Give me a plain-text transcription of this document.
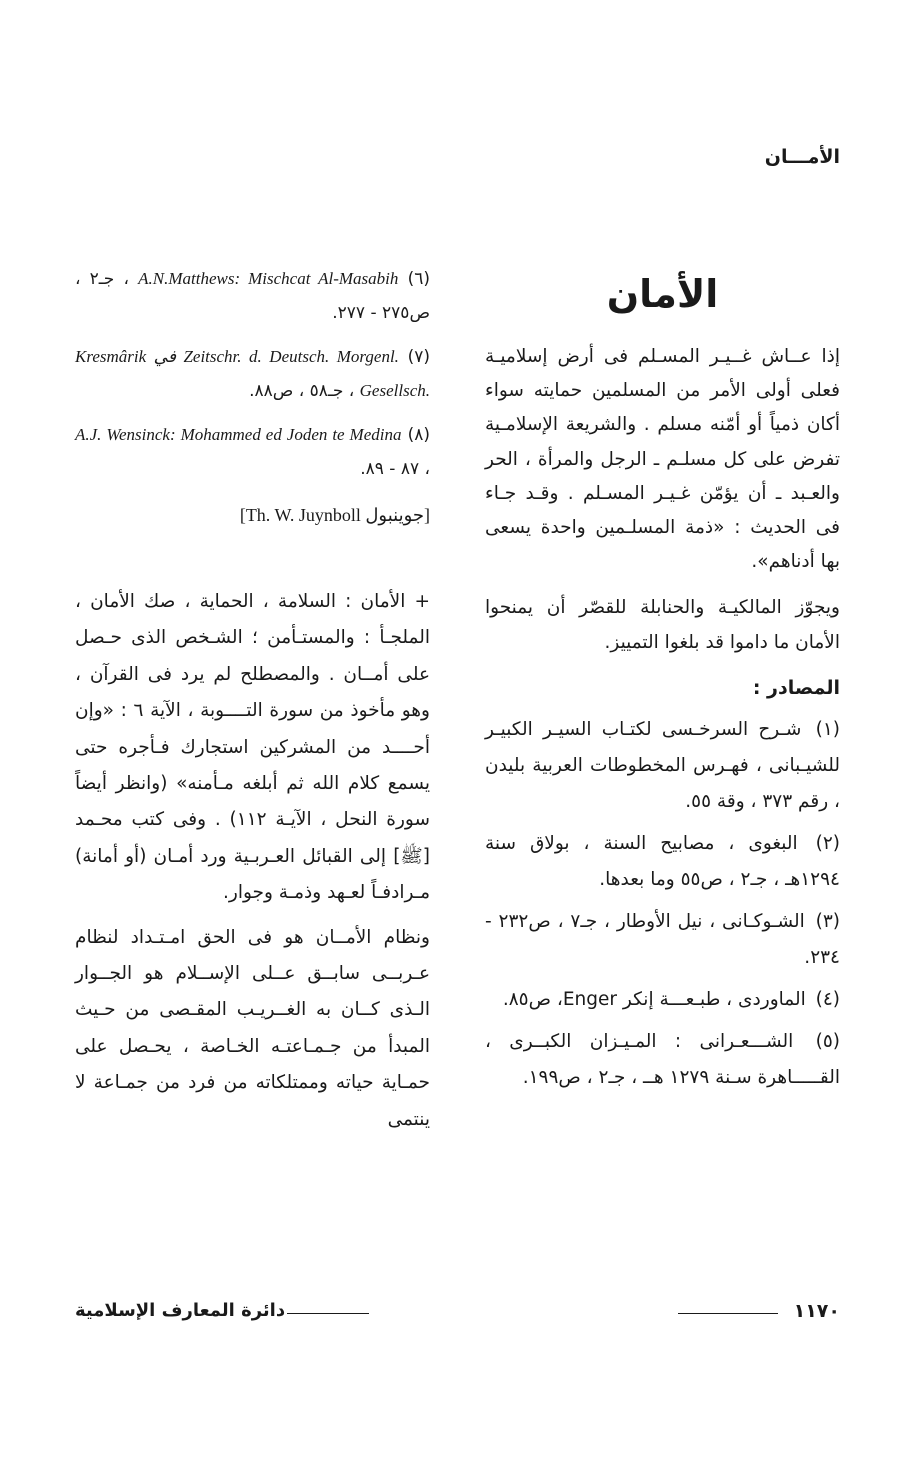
الأمـــان
الأمان

إذا عــاش غــيـر المسـلم فى أرض إسلاميـة فعلى أولى الأمر من المسلمين حمايته سواء أكان ذمياً أو أمّنه مسلم . والشريعة الإسلامـية تفرض على كل مسلـم ـ الرجل والمرأة ، الحر والعـبد ـ أن يؤمّن غـيـر المسـلم . وقـد جـاء فى الحديث : «ذمة المسلـمين واحدة يسعى بها أدناهم».

ويجوّز المالكيـة والحنابلة للقصّر أن يمنحوا الأمان ما داموا قد بلغوا التمييز.

المصادر :
(١) شـرح السرخـسى لكتـاب السيـر الكبيـر للشيـبانى ، فهـرس المخطوطات العربية بليدن ، رقم ٣٧٣ ، وقة ٥٥.
(٢) البغوى ، مصابيح السنة ، بولاق سنة ١٢٩٤هـ ، جـ٢ ، ص٥٥ وما بعدها.
(٣) الشـوكـانى ، نيل الأوطار ، جـ٧ ، ص٢٣٢ - ٢٣٤.
(٤) الماوردى ، طبـعـــة إنكر Enger، ص٨٥.
(٥) الشـــعـرانى : المـيـزان الكبــرى ، القـــــاهرة سـنة ١٢٧٩ هــ ، جـ٢ ، ص١٩٩.
(٦) A.N.Matthews: Mischcat Al-Masabih ، جـ٢ ، ص٢٧٥ - ٢٧٧.
(٧) Kresmârik في Zeitschr. d. Deutsch. Morgenl. Gesellsch. ، جـ٥٨ ، ص٨٨.
(٨) A.J. Wensinck: Mohammed ed Joden te Medina ، ٨٧ - ٨٩.
[جوينبول Th. W. Juynboll]

+ الأمان : السلامة ، الحماية ، صك الأمان ، الملجـأ : والمستـأمن ؛ الشـخص الذى حـصل على أمــان . والمصطلح لم يرد فى القرآن ، وهو مأخوذ من سورة التــــوبة ، الآية ٦ : «وإن أحــــد من المشركين استجارك فـأجره حتى يسمع كلام الله ثم أبلغه مـأمنه» (وانظر أيضاً سورة النحل ، الآيـة ١١٢) . وفى كتب محـمد [ﷺ] إلى القبائل العـربـية ورد أمـان (أو أمانة) مـرادفـاً لعـهد وذمـة وجوار.

ونظام الأمــان هو فى الحق امـتـداد لنظام عـربــى سابــق عــلى الإســلام هو الجــوار الـذى كــان به الغــريـب المقـصى من حـيث المبدأ من جـمـاعتـه الخـاصة ، يحـصل على حمـاية حياته وممتلكاته من فرد من جمـاعة لا ينتمى

دائرة المعارف الإسلامية	١١٧٠
